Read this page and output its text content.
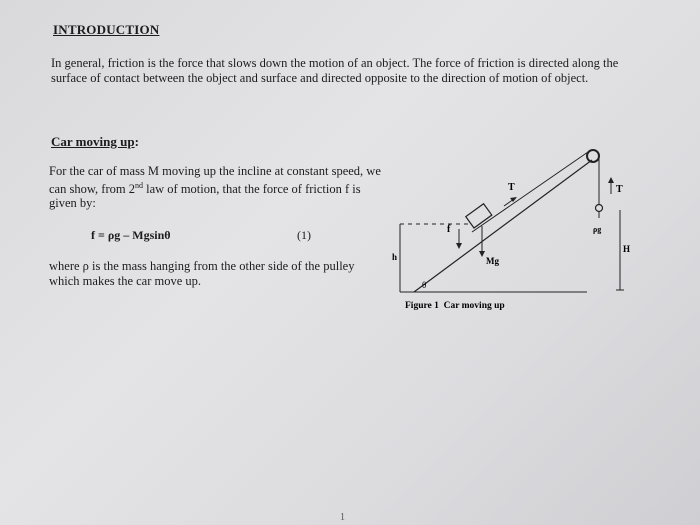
INTRODUCTION
In general, friction is the force that slows down the motion of an object. The force of friction is directed along the surface of contact between the object and surface and directed opposite to the direction of motion of object.
Car moving up:
For the car of mass M moving up the incline at constant speed, we can show, from 2nd law of motion, that the force of friction f is given by:
f = ρg – Mgsinθ	(1)
where ρ is the mass hanging from the other side of the pulley which makes the car move up.
T	T
f
Mg
h
θ
ρg
H
Figure 1  Car moving up
1
